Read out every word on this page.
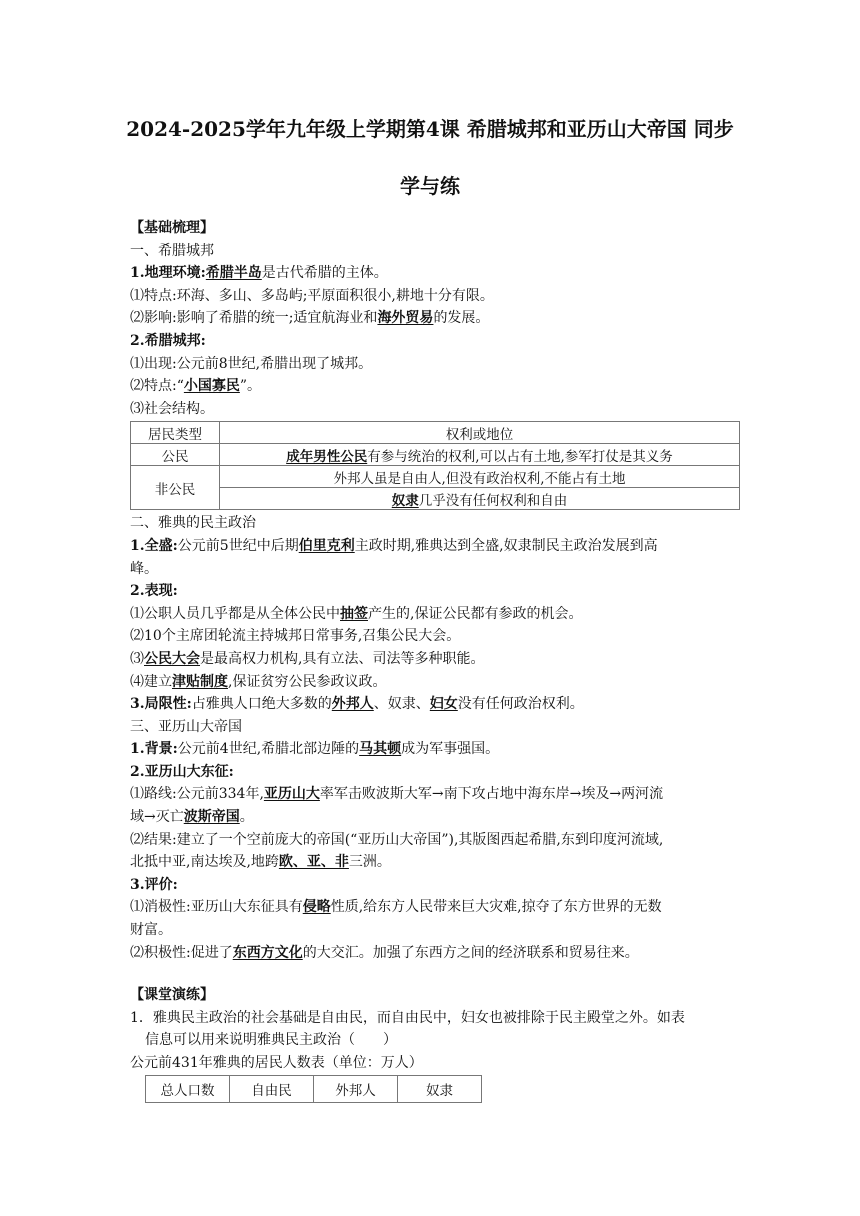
2024-2025学年九年级上学期第4课 希腊城邦和亚历山大帝国 同步
学与练

【基础梳理】

一、希腊城邦

1.地理环境:希腊半岛是古代希腊的主体。

⑴特点:环海、多山、多岛屿;平原面积很小,耕地十分有限。

⑵影响:影响了希腊的统一;适宜航海业和海外贸易的发展。

2.希腊城邦:

⑴出现:公元前8世纪,希腊出现了城邦。

⑵特点:“小国寡民”。

⑶社会结构。

居民类型	权利或地位
公民	成年男性公民有参与统治的权利,可以占有土地,参军打仗是其义务
非公民	外邦人虽是自由人,但没有政治权利,不能占有土地
	奴隶几乎没有任何权利和自由

二、雅典的民主政治

1.全盛:公元前5世纪中后期伯里克利主政时期,雅典达到全盛,奴隶制民主政治发展到高

峰。

2.表现:

⑴公职人员几乎都是从全体公民中抽签产生的,保证公民都有参政的机会。

⑵10个主席团轮流主持城邦日常事务,召集公民大会。

⑶公民大会是最高权力机构,具有立法、司法等多种职能。

⑷建立津贴制度,保证贫穷公民参政议政。

3.局限性:占雅典人口绝大多数的外邦人、奴隶、妇女没有任何政治权利。

三、亚历山大帝国

1.背景:公元前4世纪,希腊北部边陲的马其顿成为军事强国。

2.亚历山大东征:

⑴路线:公元前334年,亚历山大率军击败波斯大军→南下攻占地中海东岸→埃及→两河流

域→灭亡波斯帝国。

⑵结果:建立了一个空前庞大的帝国(“亚历山大帝国”),其版图西起希腊,东到印度河流域,

北抵中亚,南达埃及,地跨欧、亚、非三洲。

3.评价:

⑴消极性:亚历山大东征具有侵略性质,给东方人民带来巨大灾难,掠夺了东方世界的无数

财富。

⑵积极性:促进了东西方文化的大交汇。加强了东西方之间的经济联系和贸易往来。

【课堂演练】

1．雅典民主政治的社会基础是自由民，而自由民中，妇女也被排除于民主殿堂之外。如表

信息可以用来说明雅典民主政治（　　）

公元前431年雅典的居民人数表（单位：万人）

总人口数	自由民	外邦人	奴隶
